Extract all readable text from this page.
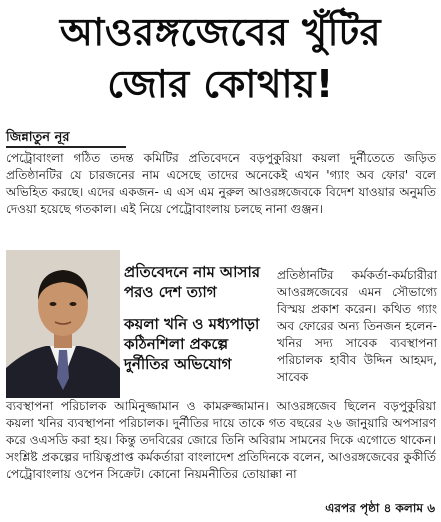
আওরঙ্গজেবের খুঁটির
জোর কোথায়!
জিন্নাতুন নূর
পেট্রোবাংলা গঠিত তদন্ত কমিটির প্রতিবেদনে বড়পুকুরিয়া কয়লা দুর্নীতেতে জড়িত প্রতিষ্ঠানটির যে চারজনের নাম এসেছে তাদের অনেকেই এখন 'গ্যাং অব ফোর' বলে অভিহিত করছে। এদের একজন- এ এস এম নুরুল আওরঙ্গজেবকে বিদেশ যাওয়ার অনুমতি দেওয়া হয়েছে গতকাল। এই নিয়ে পেট্রোবাংলায় চলছে নানা গুঞ্জন।
প্রতিবেদনে নাম আসার পরও দেশ ত্যাগ
কয়লা খনি ও মধ্যপাড়া কঠিনশিলা প্রকল্পে দুর্নীতির অভিযোগ
প্রতিষ্ঠানটির কর্মকর্তা-কর্মচারীরা আওরঙ্গজেবের এমন সৌভাগ্যে বিস্ময় প্রকাশ করেন। কথিত গ্যাং অব ফোরের অন্য তিনজন হলেন- খনির সদ্য সাবেক ব্যবস্থাপনা পরিচালক হাবীব উদ্দিন আহমদ, সাবেক
ব্যবস্থাপনা পরিচালক আমিনুজ্জামান ও কামরুজ্জামান। আওরঙ্গজেব ছিলেন বড়পুকুরিয়া কয়লা খনির ব্যবস্থাপনা পরিচালক। দুর্নীতির দায়ে তাকে গত বছরের ২৬ জানুয়ারি অপসারণ করে ওএসডি করা হয়। কিন্তু তদবিরের জোরে তিনি অবিরাম সামনের দিকে এগোতে থাকেন। সংশ্লিষ্ট প্রকল্পের দায়িত্বপ্রাপ্ত কর্মকর্তারা বাংলাদেশ প্রতিদিনকে বলেন, আওরঙ্গজেবের কুকীর্তি পেট্রোবাংলায় ওপেন সিক্রেট। কোনো নিয়মনীতির তোয়াক্কা না
এরপর পৃষ্ঠা ৪ কলাম ৬
